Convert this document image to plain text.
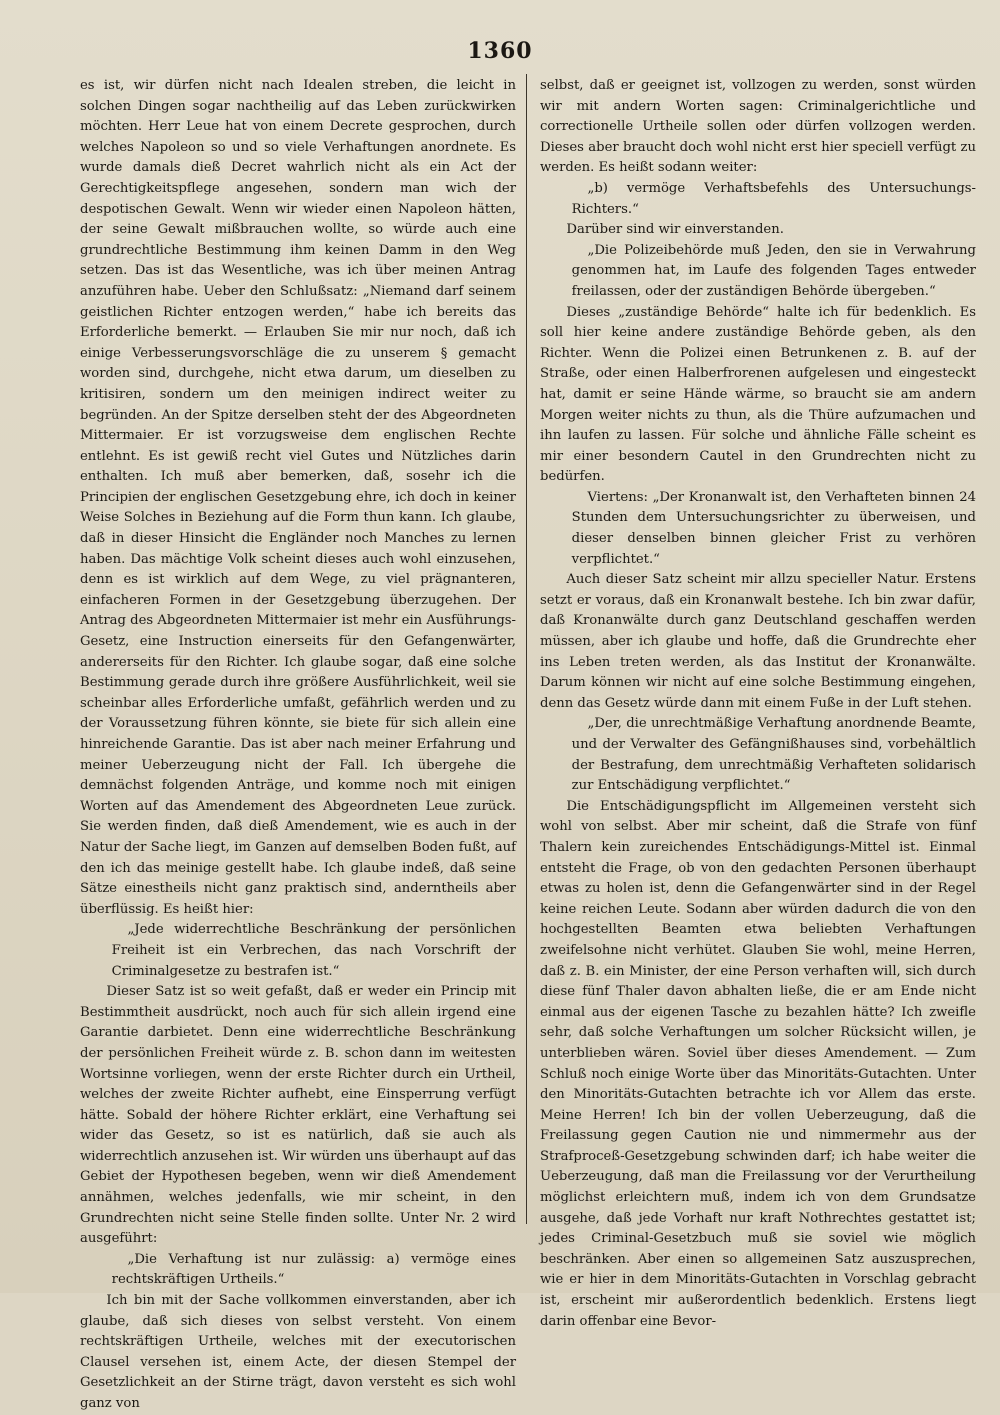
1360

es ist, wir dürfen nicht nach Idealen streben, die leicht in solchen Dingen sogar nachtheilig auf das Leben zurückwirken möchten. Herr Leue hat von einem Decrete gesprochen, durch welches Napoleon so und so viele Verhaftungen anordnete. Es wurde damals dieß Decret wahrlich nicht als ein Act der Gerechtigkeitspflege angesehen, sondern man wich der despotischen Gewalt. Wenn wir wieder einen Napoleon hätten, der seine Gewalt mißbrauchen wollte, so würde auch eine grundrechtliche Bestimmung ihm keinen Damm in den Weg setzen. Das ist das Wesentliche, was ich über meinen Antrag anzuführen habe. Ueber den Schlußsatz: „Niemand darf seinem geistlichen Richter entzogen werden,“ habe ich bereits das Erforderliche bemerkt. — Erlauben Sie mir nur noch, daß ich einige Verbesserungsvorschläge die zu unserem § gemacht worden sind, durchgehe, nicht etwa darum, um dieselben zu kritisiren, sondern um den meinigen indirect weiter zu begründen. An der Spitze derselben steht der des Abgeordneten Mittermaier. Er ist vorzugsweise dem englischen Rechte entlehnt. Es ist gewiß recht viel Gutes und Nützliches darin enthalten. Ich muß aber bemerken, daß, sosehr ich die Principien der englischen Gesetzgebung ehre, ich doch in keiner Weise Solches in Beziehung auf die Form thun kann. Ich glaube, daß in dieser Hinsicht die Engländer noch Manches zu lernen haben. Das mächtige Volk scheint dieses auch wohl einzusehen, denn es ist wirklich auf dem Wege, zu viel prägnanteren, einfacheren Formen in der Gesetzgebung überzugehen. Der Antrag des Abgeordneten Mittermaier ist mehr ein Ausführungs-Gesetz, eine Instruction einerseits für den Gefangenwärter, andererseits für den Richter. Ich glaube sogar, daß eine solche Bestimmung gerade durch ihre größere Ausführlichkeit, weil sie scheinbar alles Erforderliche umfaßt, gefährlich werden und zu der Voraussetzung führen könnte, sie biete für sich allein eine hinreichende Garantie. Das ist aber nach meiner Erfahrung und meiner Ueberzeugung nicht der Fall. Ich übergehe die demnächst folgenden Anträge, und komme noch mit einigen Worten auf das Amendement des Abgeordneten Leue zurück. Sie werden finden, daß dieß Amendement, wie es auch in der Natur der Sache liegt, im Ganzen auf demselben Boden fußt, auf den ich das meinige gestellt habe. Ich glaube indeß, daß seine Sätze einestheils nicht ganz praktisch sind, anderntheils aber überflüssig. Es heißt hier:

„Jede widerrechtliche Beschränkung der persönlichen Freiheit ist ein Verbrechen, das nach Vorschrift der Criminalgesetze zu bestrafen ist.“

Dieser Satz ist so weit gefaßt, daß er weder ein Princip mit Bestimmtheit ausdrückt, noch auch für sich allein irgend eine Garantie darbietet. Denn eine widerrechtliche Beschränkung der persönlichen Freiheit würde z. B. schon dann im weitesten Wortsinne vorliegen, wenn der erste Richter durch ein Urtheil, welches der zweite Richter aufhebt, eine Einsperrung verfügt hätte. Sobald der höhere Richter erklärt, eine Verhaftung sei wider das Gesetz, so ist es natürlich, daß sie auch als widerrechtlich anzusehen ist. Wir würden uns überhaupt auf das Gebiet der Hypothesen begeben, wenn wir dieß Amendement annähmen, welches jedenfalls, wie mir scheint, in den Grundrechten nicht seine Stelle finden sollte. Unter Nr. 2 wird ausgeführt:

„Die Verhaftung ist nur zulässig: a) vermöge eines rechtskräftigen Urtheils.“

Ich bin mit der Sache vollkommen einverstanden, aber ich glaube, daß sich dieses von selbst versteht. Von einem rechtskräftigen Urtheile, welches mit der executorischen Clausel versehen ist, einem Acte, der diesen Stempel der Gesetzlichkeit an der Stirne trägt, davon versteht es sich wohl ganz von

selbst, daß er geeignet ist, vollzogen zu werden, sonst würden wir mit andern Worten sagen: Criminalgerichtliche und correctionelle Urtheile sollen oder dürfen vollzogen werden. Dieses aber braucht doch wohl nicht erst hier speciell verfügt zu werden. Es heißt sodann weiter:

„b) vermöge Verhaftsbefehls des Untersuchungs-Richters.“

Darüber sind wir einverstanden.

„Die Polizeibehörde muß Jeden, den sie in Verwahrung genommen hat, im Laufe des folgenden Tages entweder freilassen, oder der zuständigen Behörde übergeben.“

Dieses „zuständige Behörde“ halte ich für bedenklich. Es soll hier keine andere zuständige Behörde geben, als den Richter. Wenn die Polizei einen Betrunkenen z. B. auf der Straße, oder einen Halberfrorenen aufgelesen und eingesteckt hat, damit er seine Hände wärme, so braucht sie am andern Morgen weiter nichts zu thun, als die Thüre aufzumachen und ihn laufen zu lassen. Für solche und ähnliche Fälle scheint es mir einer besondern Cautel in den Grundrechten nicht zu bedürfen.

Viertens: „Der Kronanwalt ist, den Verhafteten binnen 24 Stunden dem Untersuchungsrichter zu überweisen, und dieser denselben binnen gleicher Frist zu verhören verpflichtet.“

Auch dieser Satz scheint mir allzu specieller Natur. Erstens setzt er voraus, daß ein Kronanwalt bestehe. Ich bin zwar dafür, daß Kronanwälte durch ganz Deutschland geschaffen werden müssen, aber ich glaube und hoffe, daß die Grundrechte eher ins Leben treten werden, als das Institut der Kronanwälte. Darum können wir nicht auf eine solche Bestimmung eingehen, denn das Gesetz würde dann mit einem Fuße in der Luft stehen.

„Der, die unrechtmäßige Verhaftung anordnende Beamte, und der Verwalter des Gefängnißhauses sind, vorbehältlich der Bestrafung, dem unrechtmäßig Verhafteten solidarisch zur Entschädigung verpflichtet.“

Die Entschädigungspflicht im Allgemeinen versteht sich wohl von selbst. Aber mir scheint, daß die Strafe von fünf Thalern kein zureichendes Entschädigungs-Mittel ist. Einmal entsteht die Frage, ob von den gedachten Personen überhaupt etwas zu holen ist, denn die Gefangenwärter sind in der Regel keine reichen Leute. Sodann aber würden dadurch die von den hochgestellten Beamten etwa beliebten Verhaftungen zweifelsohne nicht verhütet. Glauben Sie wohl, meine Herren, daß z. B. ein Minister, der eine Person verhaften will, sich durch diese fünf Thaler davon abhalten ließe, die er am Ende nicht einmal aus der eigenen Tasche zu bezahlen hätte? Ich zweifle sehr, daß solche Verhaftungen um solcher Rücksicht willen, je unterblieben wären. Soviel über dieses Amendement. — Zum Schluß noch einige Worte über das Minoritäts-Gutachten. Unter den Minoritäts-Gutachten betrachte ich vor Allem das erste. Meine Herren! Ich bin der vollen Ueberzeugung, daß die Freilassung gegen Caution nie und nimmermehr aus der Strafproceß-Gesetzgebung schwinden darf; ich habe weiter die Ueberzeugung, daß man die Freilassung vor der Verurtheilung möglichst erleichtern muß, indem ich von dem Grundsatze ausgehe, daß jede Vorhaft nur kraft Nothrechtes gestattet ist; jedes Criminal-Gesetzbuch muß sie soviel wie möglich beschränken. Aber einen so allgemeinen Satz auszusprechen, wie er hier in dem Minoritäts-Gutachten in Vorschlag gebracht ist, erscheint mir außerordentlich bedenklich. Erstens liegt darin offenbar eine Bevor-
